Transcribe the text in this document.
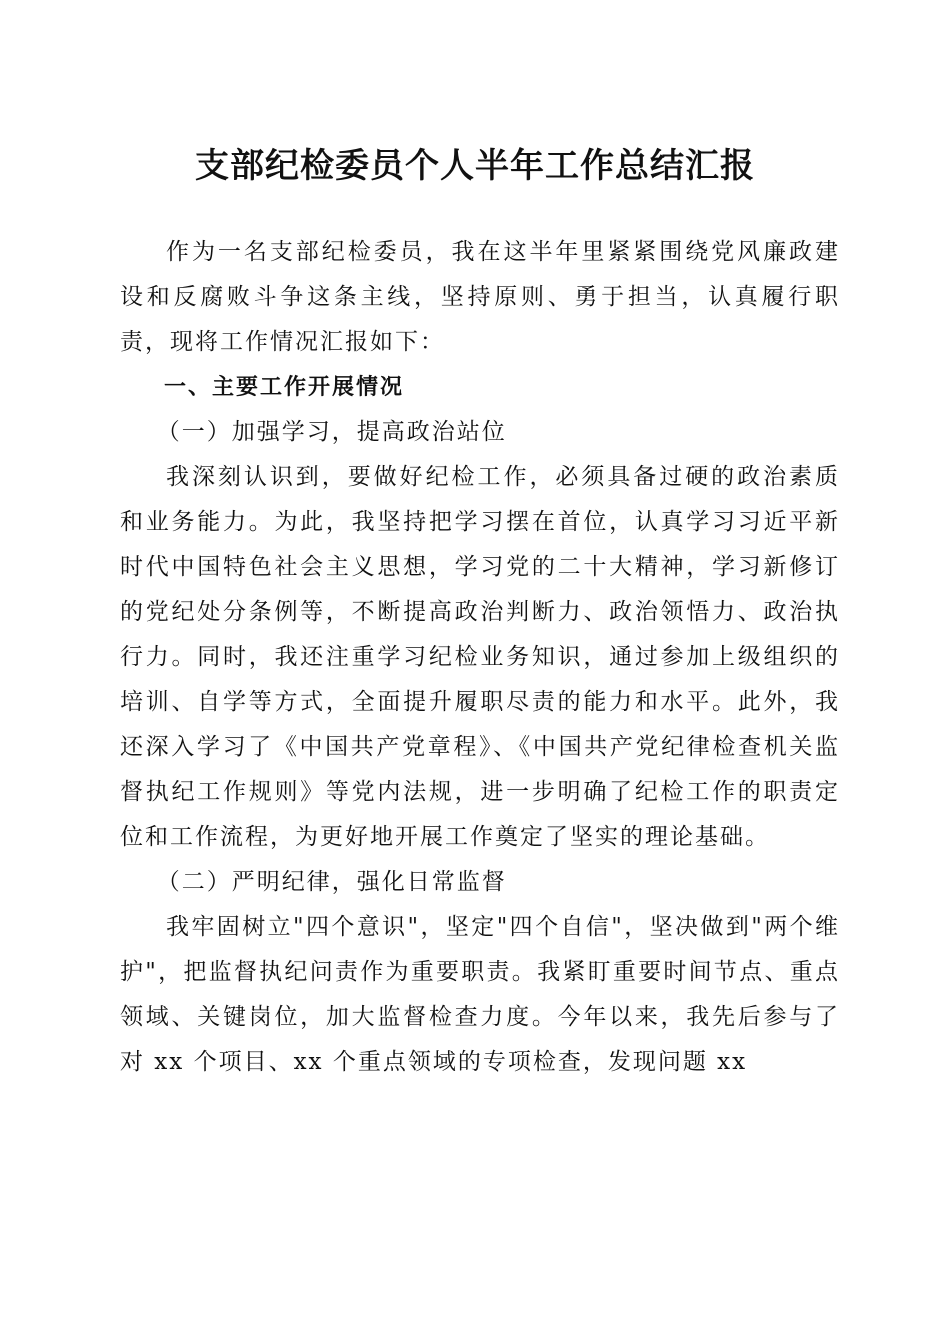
支部纪检委员个人半年工作总结汇报

作为一名支部纪检委员，我在这半年里紧紧围绕党风廉政建设和反腐败斗争这条主线，坚持原则、勇于担当，认真履行职责，现将工作情况汇报如下：

一、主要工作开展情况
（一）加强学习，提高政治站位

我深刻认识到，要做好纪检工作，必须具备过硬的政治素质和业务能力。为此，我坚持把学习摆在首位，认真学习习近平新时代中国特色社会主义思想，学习党的二十大精神，学习新修订的党纪处分条例等，不断提高政治判断力、政治领悟力、政治执行力。同时，我还注重学习纪检业务知识，通过参加上级组织的培训、自学等方式，全面提升履职尽责的能力和水平。此外，我还深入学习了《中国共产党章程》、《中国共产党纪律检查机关监督执纪工作规则》等党内法规，进一步明确了纪检工作的职责定位和工作流程，为更好地开展工作奠定了坚实的理论基础。

（二）严明纪律，强化日常监督

我牢固树立"四个意识"，坚定"四个自信"，坚决做到"两个维护"，把监督执纪问责作为重要职责。我紧盯重要时间节点、重点领域、关键岗位，加大监督检查力度。今年以来，我先后参与了对 xx 个项目、xx 个重点领域的专项检查，发现问题 xx
